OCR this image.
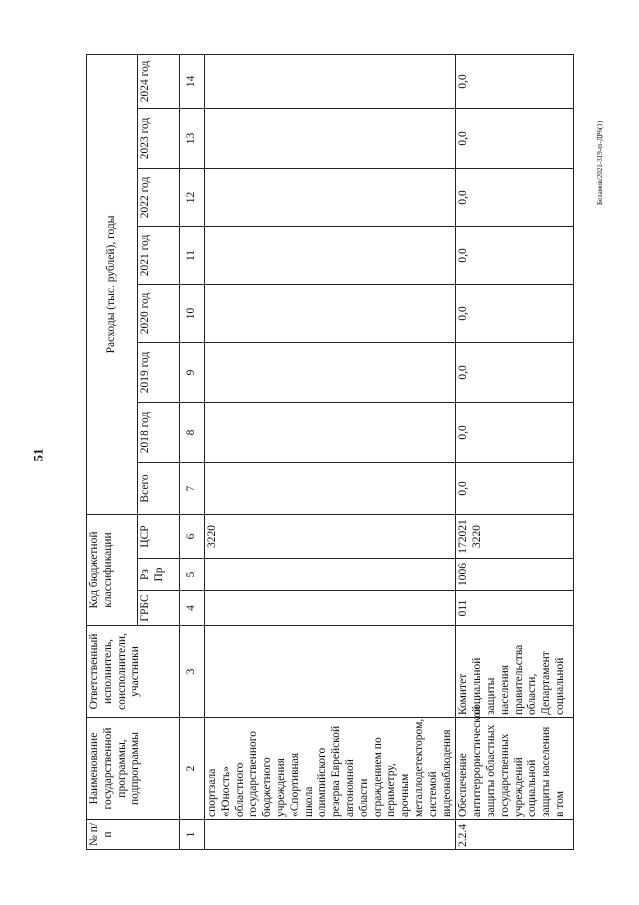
51
Беламов/2021-319-m-ДР6(1)
№ п/п	Наименование государственной программы, подпрограммы	Ответственный исполнитель, соисполнители, участники	Код бюджетной классификации			Расходы (тыс. рублей), годы							
			ГРБС	Рз Пр	ЦСР	Всего	2018 год	2019 год	2020 год	2021 год	2022 год	2023 год	2024 год
1	2	3	4	5	6	7	8	9	10	11	12	13	14
	спортзала «Юность» областного государственного бюджетного учреждения «Спортивная школа олимпийского резерва Еврейской автономной области ограждением по периметру, арочным металлодетектором, системой видеонаблюдения				3220								
2.2.4	Обеспечение антитеррористической защиты областных государственных учреждений социальной защиты населения в том	Комитет социальной защиты населения правительства области, Департамент социальной	011	1006	172021 3220	0,0	0,0	0,0	0,0	0,0	0,0	0,0	0,0
